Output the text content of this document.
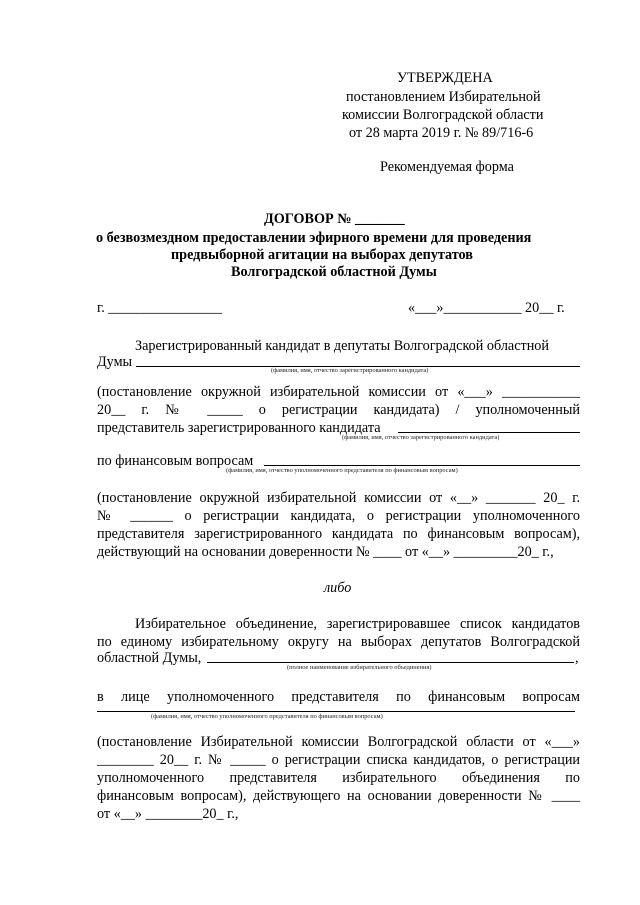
УТВЕРЖДЕНА
постановлением Избирательной
комиссии Волгоградской области
от 28 марта 2019 г. № 89/716-6
Рекомендуемая форма
ДОГОВОР № _______
о безвозмездном предоставлении эфирного времени для проведения
предвыборной агитации на выборах депутатов
Волгоградской областной Думы
г. ________________	«___»___________ 20__ г.
Зарегистрированный кандидат в депутаты Волгоградской областной
Думы
(фамилия, имя, отчество зарегистрированного кандидата)
(постановление окружной избирательной комиссии от «___» ___________
20__ г. № _____ о регистрации кандидата) / уполномоченный
представитель зарегистрированного кандидата
(фамилия, имя, отчество зарегистрированного кандидата)
по финансовым вопросам
(фамилия, имя, отчество уполномоченного представителя по финансовым вопросам)
(постановление окружной избирательной комиссии от «__» _______ 20_ г.
№ ______ о регистрации кандидата, о регистрации уполномоченного
представителя зарегистрированного кандидата по финансовым вопросам),
действующий на основании доверенности № ____ от «__» _________20_ г.,
либо
Избирательное объединение, зарегистрировавшее список кандидатов
по единому избирательному округу на выборах депутатов Волгоградской
областной Думы,	,
(полное наименование избирательного объединения)
в лице уполномоченного представителя по финансовым вопросам
(фамилия, имя, отчество уполномоченного представителя по финансовым вопросам)
(постановление Избирательной комиссии Волгоградской области от «___»
________ 20__ г. № _____ о регистрации списка кандидатов, о регистрации
уполномоченного представителя избирательного объединения по
финансовым вопросам), действующего на основании доверенности № ____
от «__» ________20_ г.,
